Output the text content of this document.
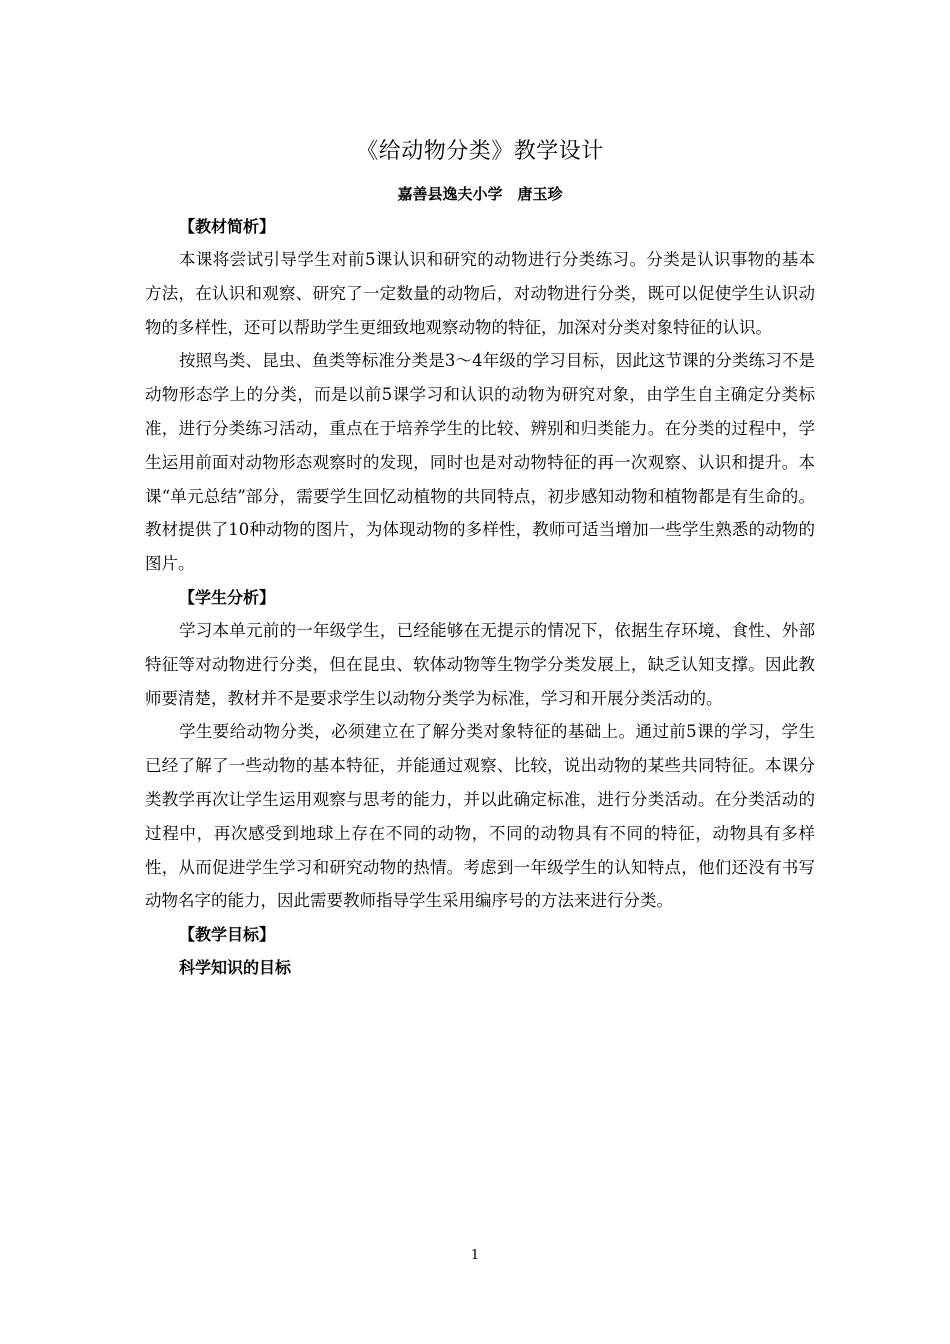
《给动物分类》教学设计
嘉善县逸夫小学　唐玉珍
【教材简析】

本课将尝试引导学生对前5课认识和研究的动物进行分类练习。分类是认识事物的基本方法，在认识和观察、研究了一定数量的动物后，对动物进行分类，既可以促使学生认识动物的多样性，还可以帮助学生更细致地观察动物的特征，加深对分类对象特征的认识。

按照鸟类、昆虫、鱼类等标准分类是3～4年级的学习目标，因此这节课的分类练习不是动物形态学上的分类，而是以前5课学习和认识的动物为研究对象，由学生自主确定分类标准，进行分类练习活动，重点在于培养学生的比较、辨别和归类能力。在分类的过程中，学生运用前面对动物形态观察时的发现，同时也是对动物特征的再一次观察、认识和提升。本课“单元总结”部分，需要学生回忆动植物的共同特点，初步感知动物和植物都是有生命的。教材提供了10种动物的图片，为体现动物的多样性，教师可适当增加一些学生熟悉的动物的图片。

【学生分析】

学习本单元前的一年级学生，已经能够在无提示的情况下，依据生存环境、食性、外部特征等对动物进行分类，但在昆虫、软体动物等生物学分类发展上，缺乏认知支撑。因此教师要清楚，教材并不是要求学生以动物分类学为标准，学习和开展分类活动的。

学生要给动物分类，必须建立在了解分类对象特征的基础上。通过前5课的学习，学生已经了解了一些动物的基本特征，并能通过观察、比较，说出动物的某些共同特征。本课分类教学再次让学生运用观察与思考的能力，并以此确定标准，进行分类活动。在分类活动的过程中，再次感受到地球上存在不同的动物，不同的动物具有不同的特征，动物具有多样性，从而促进学生学习和研究动物的热情。考虑到一年级学生的认知特点，他们还没有书写动物名字的能力，因此需要教师指导学生采用编序号的方法来进行分类。

【教学目标】
科学知识的目标
1
